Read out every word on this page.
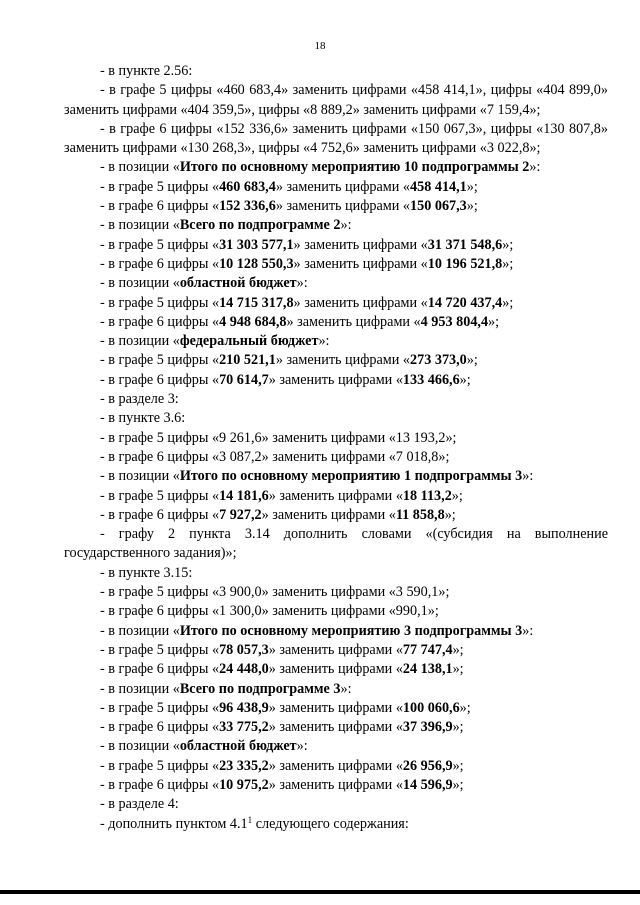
18
- в пункте 2.56:
- в графе 5 цифры «460 683,4» заменить цифрами «458 414,1», цифры «404 899,0» заменить цифрами «404 359,5», цифры «8 889,2» заменить цифрами «7 159,4»;
- в графе 6 цифры «152 336,6» заменить цифрами «150 067,3», цифры «130 807,8» заменить цифрами «130 268,3», цифры «4 752,6» заменить цифрами «3 022,8»;
- в позиции «Итого по основному мероприятию 10 подпрограммы 2»:
- в графе 5 цифры «460 683,4» заменить цифрами «458 414,1»;
- в графе 6 цифры «152 336,6» заменить цифрами «150 067,3»;
- в позиции «Всего по подпрограмме 2»:
- в графе 5 цифры «31 303 577,1» заменить цифрами «31 371 548,6»;
- в графе 6 цифры «10 128 550,3» заменить цифрами «10 196 521,8»;
- в позиции «областной бюджет»:
- в графе 5 цифры «14 715 317,8» заменить цифрами «14 720 437,4»;
- в графе 6 цифры «4 948 684,8» заменить цифрами «4 953 804,4»;
- в позиции «федеральный бюджет»:
- в графе 5 цифры «210 521,1» заменить цифрами «273 373,0»;
- в графе 6 цифры «70 614,7» заменить цифрами «133 466,6»;
- в разделе 3:
- в пункте 3.6:
- в графе 5 цифры «9 261,6» заменить цифрами «13 193,2»;
- в графе 6 цифры «3 087,2» заменить цифрами «7 018,8»;
- в позиции «Итого по основному мероприятию 1 подпрограммы 3»:
- в графе 5 цифры «14 181,6» заменить цифрами «18 113,2»;
- в графе 6 цифры «7 927,2» заменить цифрами «11 858,8»;
- графу 2 пункта 3.14 дополнить словами «(субсидия на выполнение государственного задания)»;
- в пункте 3.15:
- в графе 5 цифры «3 900,0» заменить цифрами «3 590,1»;
- в графе 6 цифры «1 300,0» заменить цифрами «990,1»;
- в позиции «Итого по основному мероприятию 3 подпрограммы 3»:
- в графе 5 цифры «78 057,3» заменить цифрами «77 747,4»;
- в графе 6 цифры «24 448,0» заменить цифрами «24 138,1»;
- в позиции «Всего по подпрограмме 3»:
- в графе 5 цифры «96 438,9» заменить цифрами «100 060,6»;
- в графе 6 цифры «33 775,2» заменить цифрами «37 396,9»;
- в позиции «областной бюджет»:
- в графе 5 цифры «23 335,2» заменить цифрами «26 956,9»;
- в графе 6 цифры «10 975,2» заменить цифрами «14 596,9»;
- в разделе 4:
- дополнить пунктом $4.1^1$ следующего содержания:
